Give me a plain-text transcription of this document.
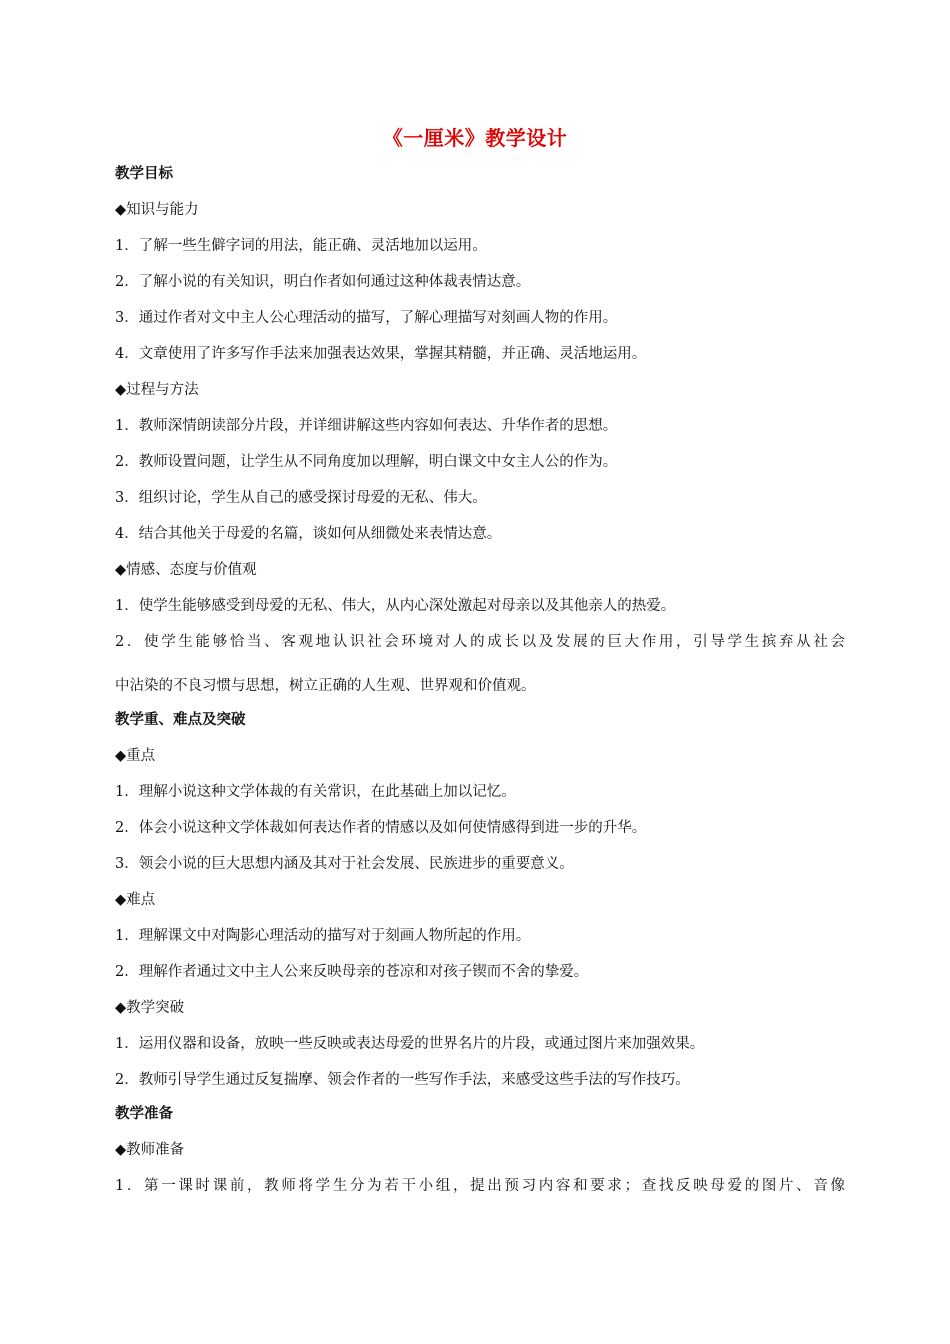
《一厘米》教学设计
教学目标
◆知识与能力
1．了解一些生僻字词的用法，能正确、灵活地加以运用。
2．了解小说的有关知识，明白作者如何通过这种体裁表情达意。
3．通过作者对文中主人公心理活动的描写，了解心理描写对刻画人物的作用。
4．文章使用了许多写作手法来加强表达效果，掌握其精髓，并正确、灵活地运用。
◆过程与方法
1．教师深情朗读部分片段，并详细讲解这些内容如何表达、升华作者的思想。
2．教师设置问题，让学生从不同角度加以理解，明白课文中女主人公的作为。
3．组织讨论，学生从自己的感受探讨母爱的无私、伟大。
4．结合其他关于母爱的名篇，谈如何从细微处来表情达意。
◆情感、态度与价值观
1．使学生能够感受到母爱的无私、伟大，从内心深处激起对母亲以及其他亲人的热爱。
2．使学生能够恰当、客观地认识社会环境对人的成长以及发展的巨大作用，引导学生摈弃从社会
中沾染的不良习惯与思想，树立正确的人生观、世界观和价值观。
教学重、难点及突破
◆重点
1．理解小说这种文学体裁的有关常识，在此基础上加以记忆。
2．体会小说这种文学体裁如何表达作者的情感以及如何使情感得到进一步的升华。
3．领会小说的巨大思想内涵及其对于社会发展、民族进步的重要意义。
◆难点
1．理解课文中对陶影心理活动的描写对于刻画人物所起的作用。
2．理解作者通过文中主人公来反映母亲的苍凉和对孩子锲而不舍的挚爱。
◆教学突破
1．运用仪器和设备，放映一些反映或表达母爱的世界名片的片段，或通过图片来加强效果。
2．教师引导学生通过反复揣摩、领会作者的一些写作手法，来感受这些手法的写作技巧。
教学准备
◆教师准备
1．第一课时课前，教师将学生分为若干小组，提出预习内容和要求；查找反映母爱的图片、音像
